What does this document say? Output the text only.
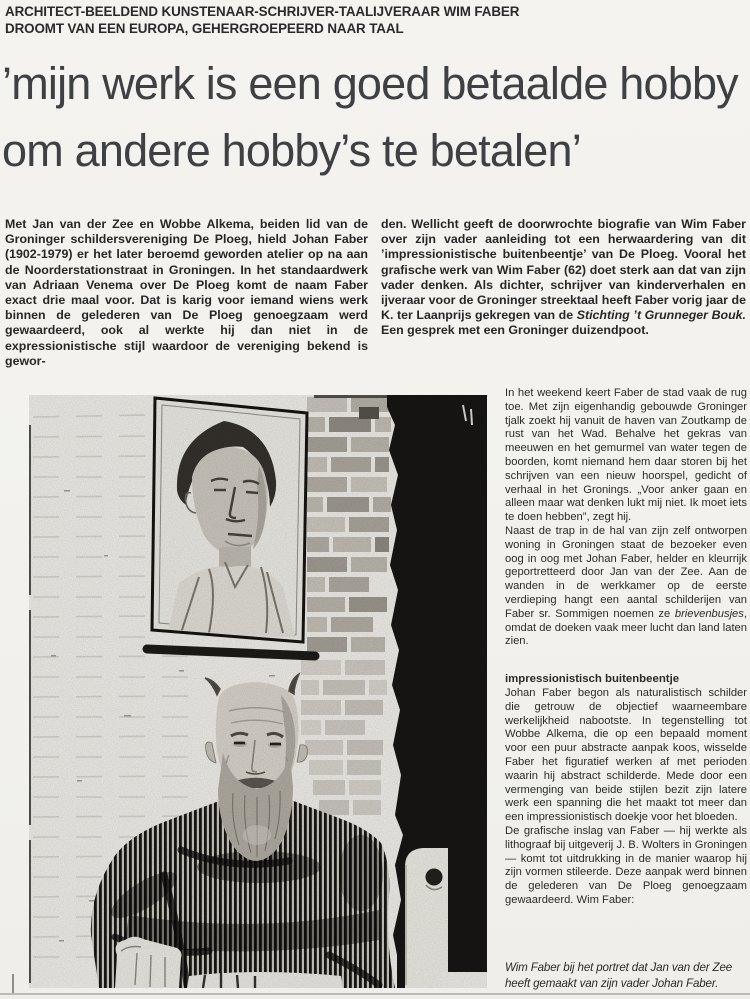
ARCHITECT-BEELDEND KUNSTENAAR-SCHRIJVER-TAALIJVERAAR WIM FABER
DROOMT VAN EEN EUROPA, GEHERGROEPEERD NAAR TAAL
’mijn werk is een goed betaalde hobby
om andere hobby’s te betalen’
Met Jan van der Zee en Wobbe Alkema, beiden lid van de Groninger schildersvereniging De Ploeg, hield Johan Faber (1902-1979) er het later beroemd geworden atelier op na aan de Noorderstationstraat in Groningen. In het standaardwerk van Adriaan Venema over De Ploeg komt de naam Faber exact drie maal voor. Dat is karig voor iemand wiens werk binnen de gelederen van De Ploeg genoegzaam werd gewaardeerd, ook al werkte hij dan niet in de expressionistische stijl waardoor de vereniging bekend is gewor-
den. Wellicht geeft de doorwrochte biografie van Wim Faber over zijn vader aanleiding tot een herwaardering van dit ’impressionistische buitenbeentje’ van De Ploeg. Vooral het grafische werk van Wim Faber (62) doet sterk aan dat van zijn vader denken. Als dichter, schrijver van kinderverhalen en ijveraar voor de Groninger streektaal heeft Faber vorig jaar de K. ter Laanprijs gekregen van de Stichting ’t Grunneger Bouk. Een gesprek met een Groninger duizendpoot.

In het weekend keert Faber de stad vaak de rug toe. Met zijn eigenhandig gebouwde Groninger tjalk zoekt hij vanuit de haven van Zoutkamp de rust van het Wad. Behalve het gekras van meeuwen en het gemurmel van water tegen de boorden, komt niemand hem daar storen bij het schrijven van een nieuw hoorspel, gedicht of verhaal in het Gronings. „Voor anker gaan en alleen maar wat denken lukt mij niet. Ik moet iets te doen hebben”, zegt hij.

Naast de trap in de hal van zijn zelf ontworpen woning in Groningen staat de bezoeker even oog in oog met Johan Faber, helder en kleurrijk geportretteerd door Jan van der Zee. Aan de wanden in de werkkamer op de eerste verdieping hangt een aantal schilderijen van Faber sr. Sommigen noemen ze brievenbusjes, omdat de doeken vaak meer lucht dan land laten zien.

impressionistisch buitenbeentje

Johan Faber begon als naturalistisch schilder die getrouw de objectief waarneembare werkelijkheid nabootste. In tegenstelling tot Wobbe Alkema, die op een bepaald moment voor een puur abstracte aanpak koos, wisselde Faber het figuratief werken af met perioden waarin hij abstract schilderde. Mede door een vermenging van beide stijlen bezit zijn latere werk een spanning die het maakt tot meer dan een impressionistisch doekje voor het bloeden.

De grafische inslag van Faber — hij werkte als lithograaf bij uitgeverij J. B. Wolters in Groningen — komt tot uitdrukking in de manier waarop hij zijn vormen stileerde. Deze aanpak werd binnen de gelederen van De Ploeg genoegzaam gewaardeerd. Wim Faber:

Wim Faber bij het portret dat Jan van der Zee
heeft gemaakt van zijn vader Johan Faber.
